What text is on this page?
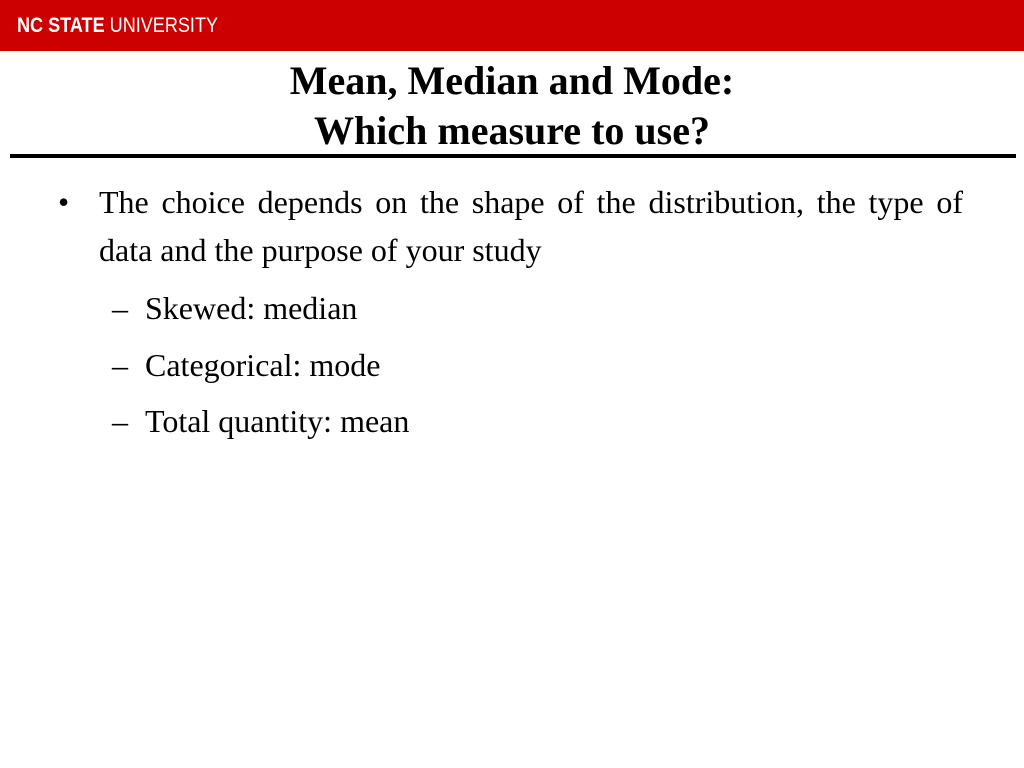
NC STATE UNIVERSITY
Mean, Median and Mode:
Which measure to use?
• The choice depends on the shape of the distribution, the type of data and the purpose of your study
– Skewed: median
– Categorical: mode
– Total quantity: mean
